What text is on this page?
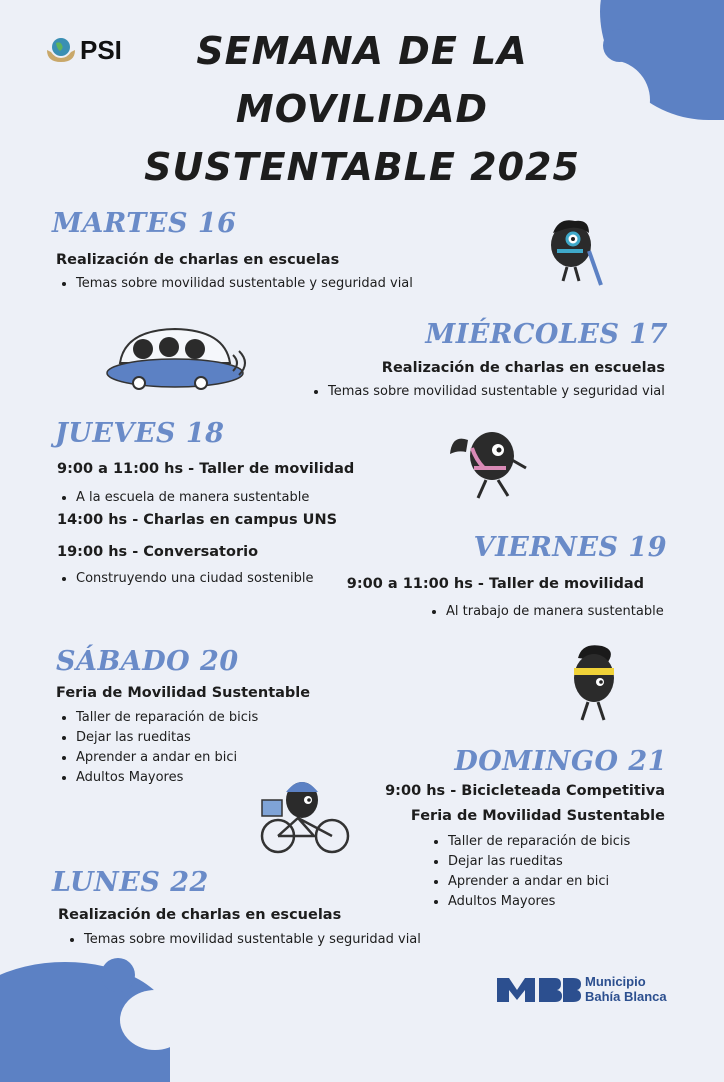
PSI	SEMANA DE LA
MOVILIDAD
SUSTENTABLE 2025
MARTES 16
Realización de charlas en escuelas
• Temas sobre movilidad sustentable y seguridad vial
MIÉRCOLES 17
Realización de charlas en escuelas
• Temas sobre movilidad sustentable y seguridad vial
JUEVES 18
9:00 a 11:00 hs - Taller de movilidad
• A la escuela de manera sustentable
14:00 hs - Charlas en campus UNS
19:00 hs - Conversatorio
• Construyendo una ciudad sostenible
VIERNES 19
9:00 a 11:00 hs - Taller de movilidad
• Al trabajo de manera sustentable
SÁBADO 20
Feria de Movilidad Sustentable
• Taller de reparación de bicis
• Dejar las rueditas
• Aprender a andar en bici
• Adultos Mayores
DOMINGO 21
9:00 hs - Bicicleteada Competitiva
Feria de Movilidad Sustentable
• Taller de reparación de bicis
• Dejar las rueditas
• Aprender a andar en bici
• Adultos Mayores
LUNES 22
Realización de charlas en escuelas
• Temas sobre movilidad sustentable y seguridad vial
Municipio
Bahía Blanca
